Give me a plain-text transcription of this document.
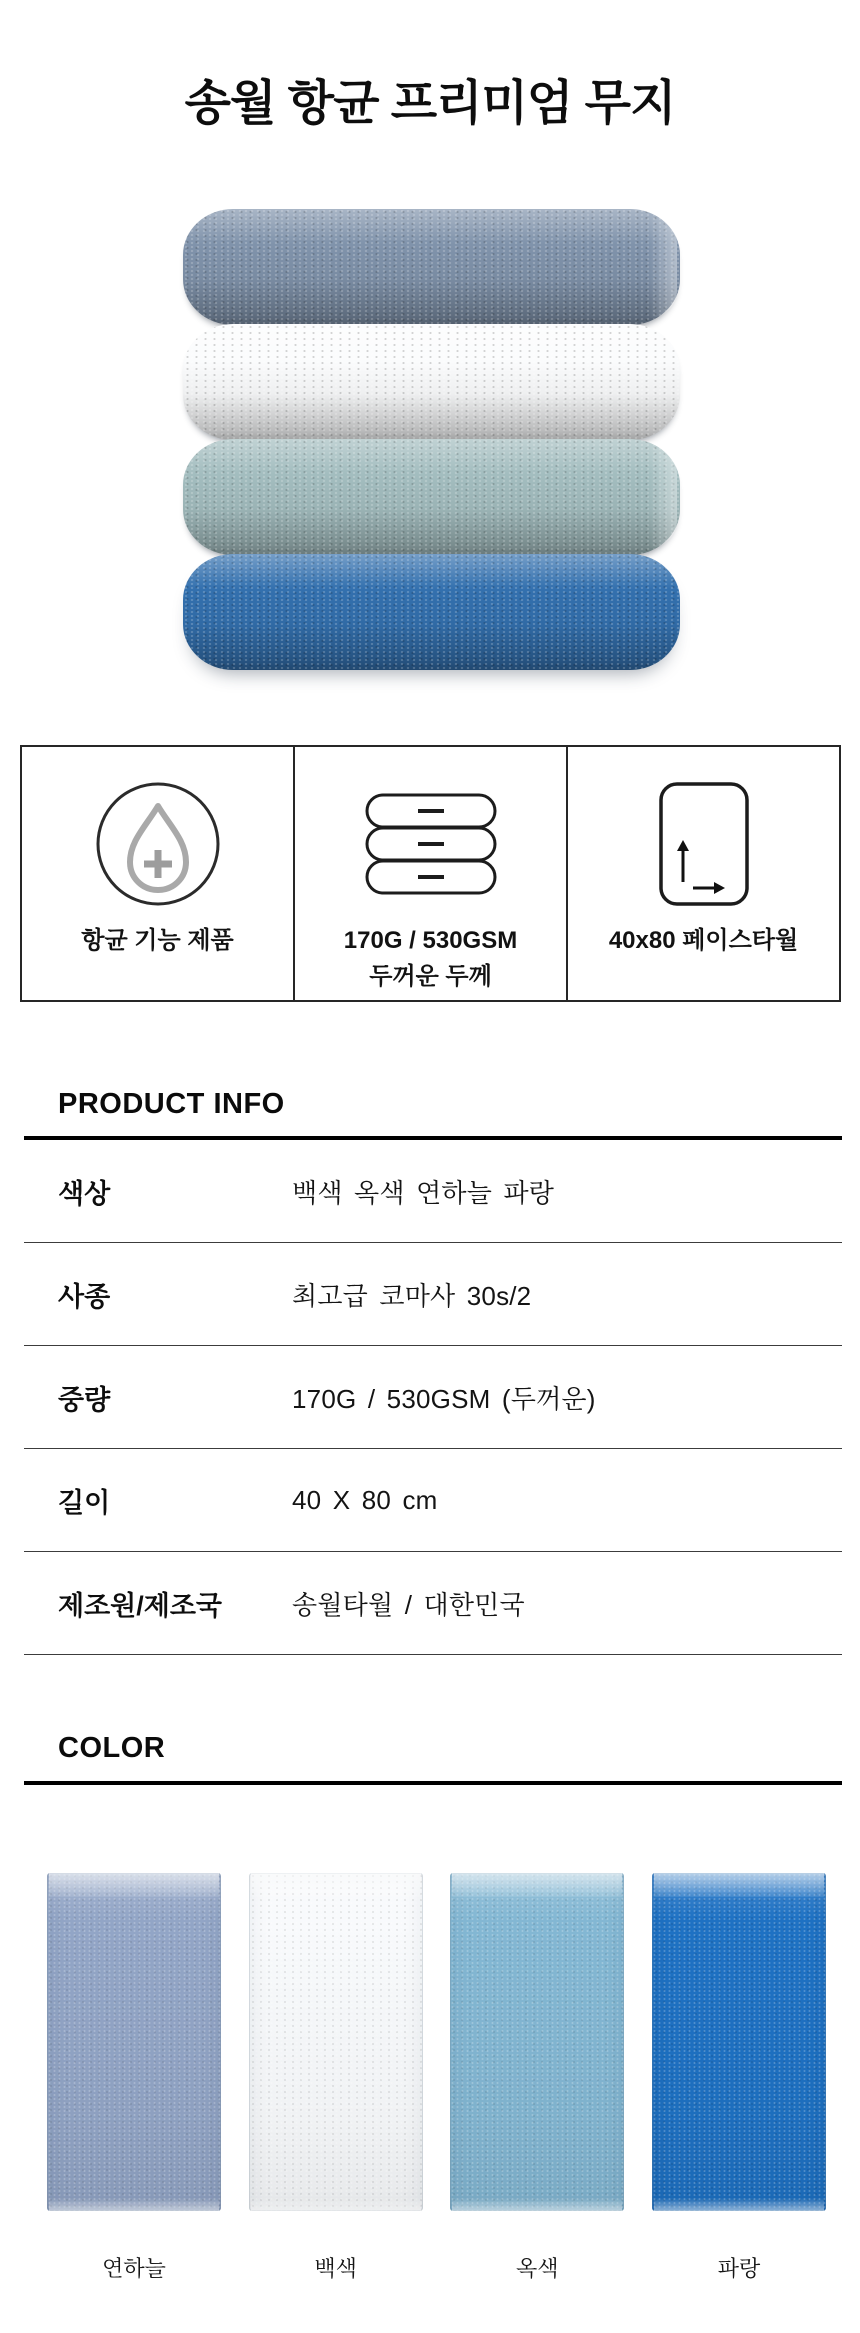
송월 항균 프리미엄 무지
항균 기능 제품	170G / 530GSM
두꺼운 두께
40x80 페이스타월
PRODUCT INFO
색상	백색 옥색 연하늘 파랑
사종	최고급 코마사 30s/2
중량	170G / 530GSM (두꺼운)
길이	40 X 80 cm
제조원/제조국	송월타월 / 대한민국
COLOR
연하늘	백색	옥색	파랑
